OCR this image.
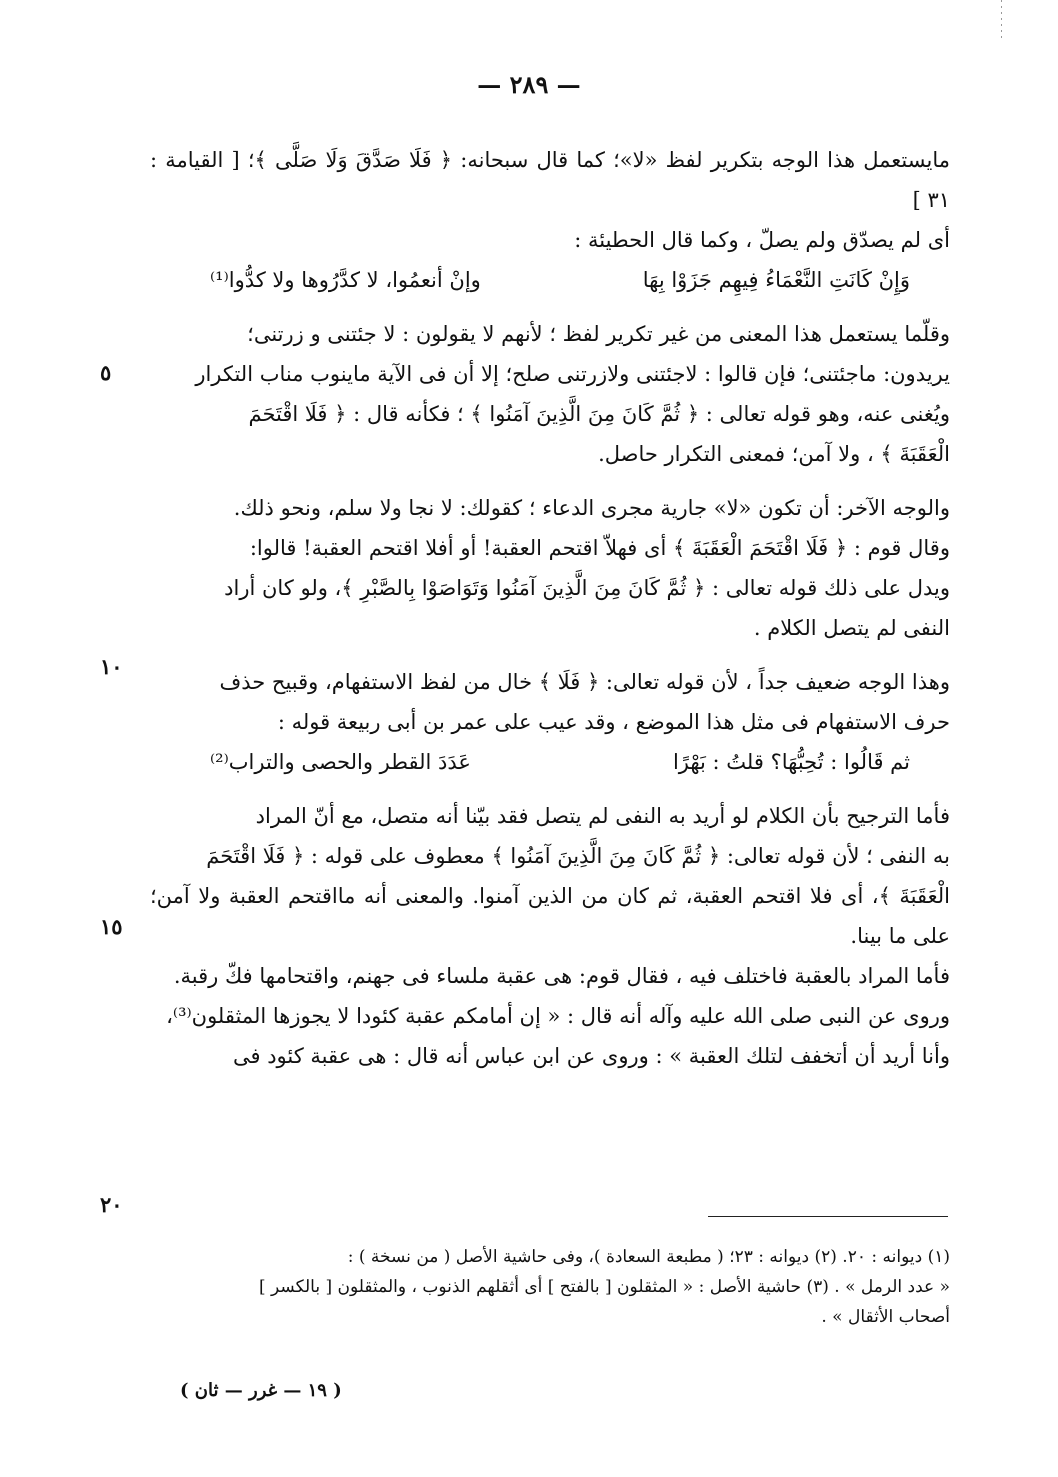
— ٢٨٩ —

مايستعمل هذا الوجه بتكرير لفظ «لا»؛ كما قال سبحانه: ﴿ فَلَا صَدَّقَ وَلَا صَلَّى ﴾؛ [ القيامة : ٣١ ]

أى لم يصدّق ولم يصلّ ، وكما قال الحطيئة :

وَإِنْ كَانَتِ النَّعْمَاءُ فِيهِم جَزَوْا بِهَا
وإنْ أنعمُوا، لا كدَّرُوها ولا كدُّوا⁽¹⁾

وقلّما يستعمل هذا المعنى من غير تكرير لفظ ؛ لأنهم لا يقولون : لا جئتنى و زرتنى؛

يريدون: ماجئتنى؛ فإن قالوا : لاجئتنى ولازرتنى صلح؛ إلا أن فى الآية ماينوب مناب التكرار

ويُغنى عنه، وهو قوله تعالى : ﴿ ثُمَّ كَانَ مِنَ الَّذِينَ آمَنُوا ﴾ ؛ فكأنه قال : ﴿ فَلَا اقْتَحَمَ

الْعَقَبَةَ ﴾ ، ولا آمن؛ فمعنى التكرار حاصل.

والوجه الآخر: أن تكون «لا» جارية مجرى الدعاء ؛ كقولك: لا نجا ولا سلم، ونحو ذلك.

وقال قوم : ﴿ فَلَا اقْتَحَمَ الْعَقَبَةَ ﴾ أى فهلاّ اقتحم العقبة! أو أفلا اقتحم العقبة! قالوا:

ويدل على ذلك قوله تعالى : ﴿ ثُمَّ كَانَ مِنَ الَّذِينَ آمَنُوا وَتَوَاصَوْا بِالصَّبْرِ ﴾، ولو كان أراد

النفى لم يتصل الكلام .

وهذا الوجه ضعيف جداً ، لأن قوله تعالى: ﴿ فَلَا ﴾ خال من لفظ الاستفهام، وقبيح حذف

حرف الاستفهام فى مثل هذا الموضع ، وقد عيب على عمر بن أبى ربيعة قوله :

ثم قَالُوا : تُحِبُّهَا؟ قلتُ : بَهْرًا
عَدَدَ القطر والحصى والتراب⁽²⁾

فأما الترجيح بأن الكلام لو أريد به النفى لم يتصل فقد بيّنا أنه متصل، مع أنّ المراد

به النفى ؛ لأن قوله تعالى: ﴿ ثُمَّ كَانَ مِنَ الَّذِينَ آمَنُوا ﴾ معطوف على قوله : ﴿ فَلَا اقْتَحَمَ

الْعَقَبَةَ ﴾، أى فلا اقتحم العقبة، ثم كان من الذين آمنوا. والمعنى أنه مااقتحم العقبة ولا آمن؛ على ما بينا.

فأما المراد بالعقبة فاختلف فيه ، فقال قوم: هى عقبة ملساء فى جهنم، واقتحامها فكّ رقبة.

وروى عن النبى صلى الله عليه وآله أنه قال : « إن أمامكم عقبة كئودا لا يجوزها المثقلون⁽³⁾،

وأنا أريد أن أتخفف لتلك العقبة » : وروى عن ابن عباس أنه قال : هى عقبة كئود فى

٥
١٠
١٥
٢٠

(١) ديوانه : ٢٠. (٢) ديوانه : ٢٣؛ ( مطبعة السعادة )، وفى حاشية الأصل ( من نسخة ) :

« عدد الرمل » . (٣) حاشية الأصل : « المثقلون [ بالفتح ] أى أثقلهم الذنوب ، والمثقلون [ بالكسر ]

أصحاب الأثقال » .

( ١٩ — غرر — ثان )
